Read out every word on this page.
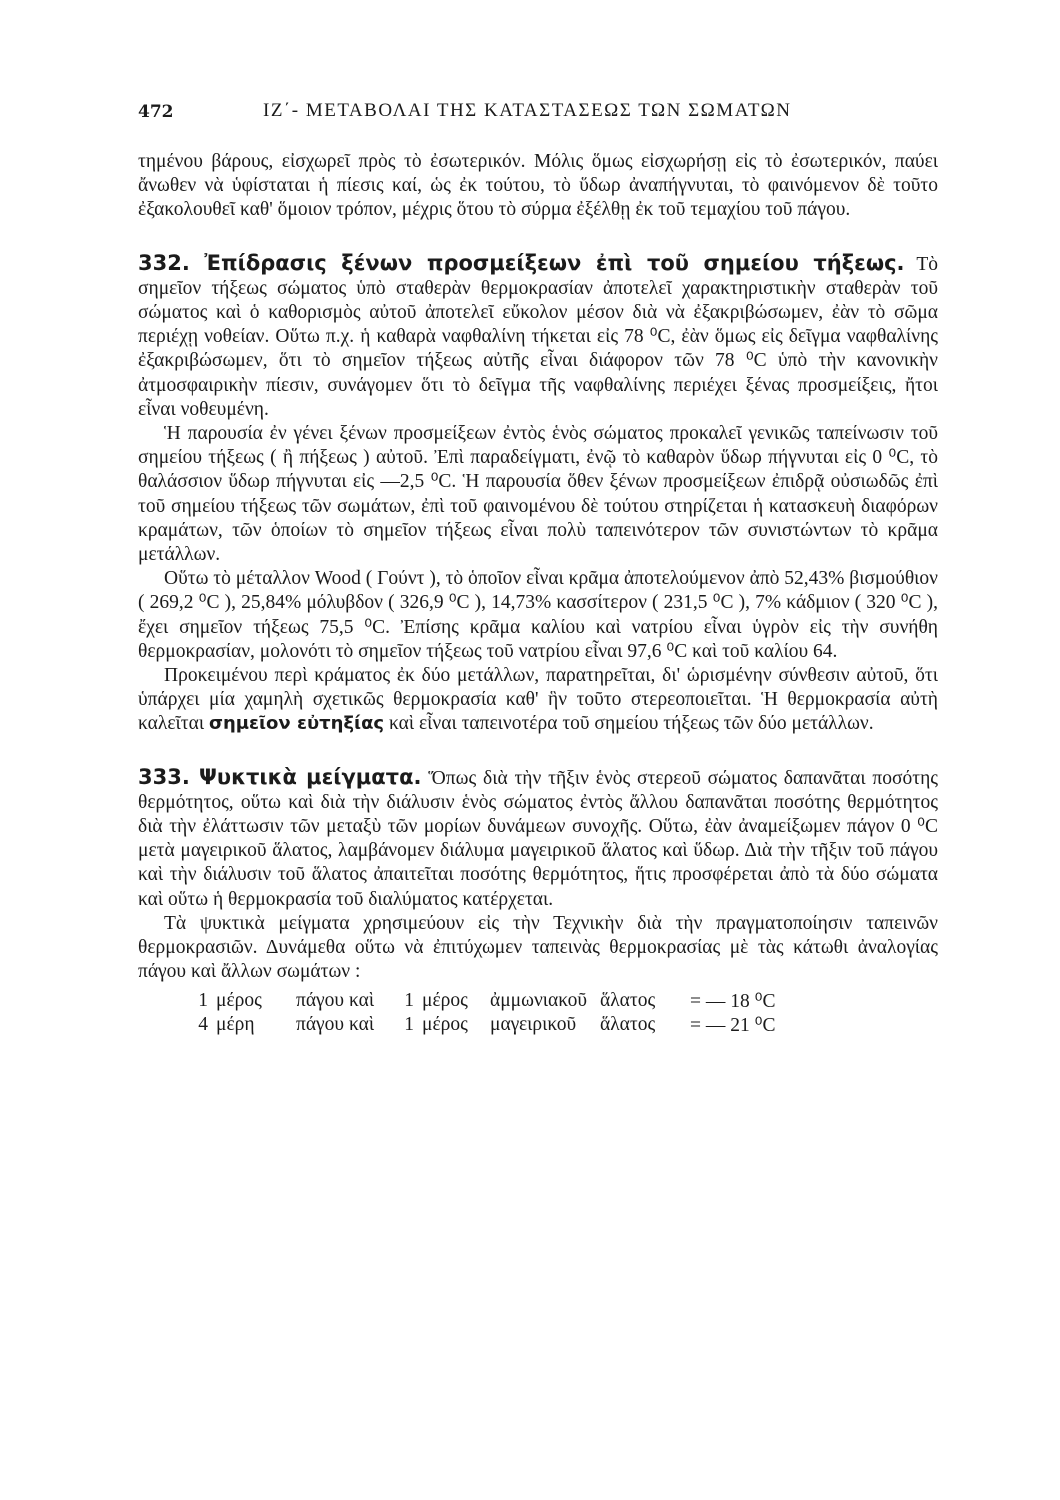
472	ΙΖ΄- ΜΕΤΑΒΟΛΑΙ ΤΗΣ ΚΑΤΑΣΤΑΣΕΩΣ ΤΩΝ ΣΩΜΑΤΩΝ

τημένου βάρους, εἰσχωρεῖ πρὸς τὸ ἐσωτερικόν. Μόλις ὅμως εἰσχωρήσῃ εἰς τὸ ἐσωτερικόν, παύει ἄνωθεν νὰ ὑφίσταται ἡ πίεσις καί, ὡς ἐκ τούτου, τὸ ὕδωρ ἀναπήγνυται, τὸ φαινόμενον δὲ τοῦτο ἐξακολουθεῖ καθ' ὅμοιον τρόπον, μέχρις ὅτου τὸ σύρμα ἐξέλθῃ ἐκ τοῦ τεμαχίου τοῦ πάγου.

332. Ἐπίδρασις ξένων προσμείξεων ἐπὶ τοῦ σημείου τήξεως. Τὸ σημεῖον τήξεως σώματος ὑπὸ σταθερὰν θερμοκρασίαν ἀποτελεῖ χαρακτηριστικὴν σταθερὰν τοῦ σώματος καὶ ὁ καθορισμὸς αὐτοῦ ἀποτελεῖ εὔκολον μέσον διὰ νὰ ἐξακριβώσωμεν, ἐὰν τὸ σῶμα περιέχῃ νοθείαν. Οὕτω π.χ. ἡ καθαρὰ ναφθαλίνη τήκεται εἰς 78 ⁰C, ἐὰν ὅμως εἰς δεῖγμα ναφθαλίνης ἐξακριβώσωμεν, ὅτι τὸ σημεῖον τήξεως αὐτῆς εἶναι διάφορον τῶν 78 ⁰C ὑπὸ τὴν κανονικὴν ἀτμοσφαιρικὴν πίεσιν, συνάγομεν ὅτι τὸ δεῖγμα τῆς ναφθαλίνης περιέχει ξένας προσμείξεις, ἤτοι εἶναι νοθευμένη.

Ἡ παρουσία ἐν γένει ξένων προσμείξεων ἐντὸς ἑνὸς σώματος προκαλεῖ γενικῶς ταπείνωσιν τοῦ σημείου τήξεως ( ἢ πήξεως ) αὐτοῦ. Ἐπὶ παραδείγματι, ἐνῷ τὸ καθαρὸν ὕδωρ πήγνυται εἰς 0 ⁰C, τὸ θαλάσσιον ὕδωρ πήγνυται εἰς —2,5 ⁰C. Ἡ παρουσία ὅθεν ξένων προσμείξεων ἐπιδρᾷ οὐσιωδῶς ἐπὶ τοῦ σημείου τήξεως τῶν σωμάτων, ἐπὶ τοῦ φαινομένου δὲ τούτου στηρίζεται ἡ κατασκευὴ διαφόρων κραμάτων, τῶν ὁποίων τὸ σημεῖον τήξεως εἶναι πολὺ ταπεινότερον τῶν συνιστώντων τὸ κρᾶμα μετάλλων.

Οὕτω τὸ μέταλλον Wood ( Γούντ ), τὸ ὁποῖον εἶναι κρᾶμα ἀποτελούμενον ἀπὸ 52,43% βισμούθιον ( 269,2 ⁰C ), 25,84% μόλυβδον ( 326,9 ⁰C ), 14,73% κασσίτερον ( 231,5 ⁰C ), 7% κάδμιον ( 320 ⁰C ), ἔχει σημεῖον τήξεως 75,5 ⁰C. Ἐπίσης κρᾶμα καλίου καὶ νατρίου εἶναι ὑγρὸν εἰς τὴν συνήθη θερμοκρασίαν, μολονότι τὸ σημεῖον τήξεως τοῦ νατρίου εἶναι 97,6 ⁰C καὶ τοῦ καλίου 64.

Προκειμένου περὶ κράματος ἐκ δύο μετάλλων, παρατηρεῖται, δι' ὡρισμένην σύνθεσιν αὐτοῦ, ὅτι ὑπάρχει μία χαμηλὴ σχετικῶς θερμοκρασία καθ' ἣν τοῦτο στερεοποιεῖται. Ἡ θερμοκρασία αὐτὴ καλεῖται σημεῖον εὐτηξίας καὶ εἶναι ταπεινοτέρα τοῦ σημείου τήξεως τῶν δύο μετάλλων.

333. Ψυκτικὰ μείγματα. Ὅπως διὰ τὴν τῆξιν ἑνὸς στερεοῦ σώματος δαπανᾶται ποσότης θερμότητος, οὕτω καὶ διὰ τὴν διάλυσιν ἑνὸς σώματος ἐντὸς ἄλλου δαπανᾶται ποσότης θερμότητος διὰ τὴν ἐλάττωσιν τῶν μεταξὺ τῶν μορίων δυνάμεων συνοχῆς. Οὕτω, ἐὰν ἀναμείξωμεν πάγον 0 ⁰C μετὰ μαγειρικοῦ ἅλατος, λαμβάνομεν διάλυμα μαγειρικοῦ ἅλατος καὶ ὕδωρ. Διὰ τὴν τῆξιν τοῦ πάγου καὶ τὴν διάλυσιν τοῦ ἅλατος ἀπαιτεῖται ποσότης θερμότητος, ἥτις προσφέρεται ἀπὸ τὰ δύο σώματα καὶ οὕτω ἡ θερμοκρασία τοῦ διαλύματος κατέρχεται.

Τὰ ψυκτικὰ μείγματα χρησιμεύουν εἰς τὴν Τεχνικὴν διὰ τὴν πραγματοποίησιν ταπεινῶν θερμοκρασιῶν. Δυνάμεθα οὕτω νὰ ἐπιτύχωμεν ταπεινὰς θερμοκρασίας μὲ τὰς κάτωθι ἀναλογίας πάγου καὶ ἄλλων σωμάτων :

1	μέρος	πάγου καὶ	1	μέρος	ἀμμωνιακοῦ	ἅλατος	= — 18 ⁰C
4	μέρη	πάγου καὶ	1	μέρος	μαγειρικοῦ	ἅλατος	= — 21 ⁰C
